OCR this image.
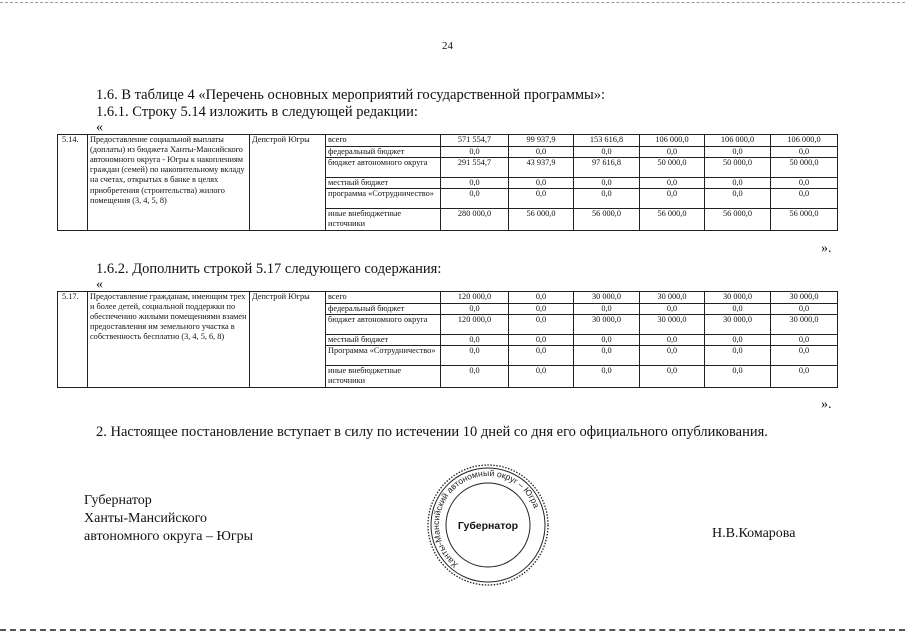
24
1.6. В таблице 4 «Перечень основных мероприятий государственной программы»:
1.6.1. Строку 5.14 изложить в следующей редакции:
«
5.14.	Предоставление социальной выплаты (доплаты) из бюджета Ханты-Мансийского автономного округа - Югры к накоплениям граждан (семей) по накопительному вкладу на счетах, открытых в банке в целях приобретения (строительства) жилого помещения (3, 4, 5, 8)	Депстрой Югры	всего	571 554,7	99 937,9	153 616,8	106 000,0	106 000,0	106 000,0
			федеральный бюджет	0,0	0,0	0,0	0,0	0,0	0,0
			бюджет автономного округа	291 554,7	43 937,9	97 616,8	50 000,0	50 000,0	50 000,0
			местный бюджет	0,0	0,0	0,0	0,0	0,0	0,0
			программа «Сотрудничество»	0,0	0,0	0,0	0,0	0,0	0,0
			иные внебюджетные источники	280 000,0	56 000,0	56 000,0	56 000,0	56 000,0	56 000,0
».
1.6.2. Дополнить строкой 5.17 следующего содержания:
«
5.17.	Предоставление гражданам, имеющим трех и более детей, социальной поддержки по обеспечению жилыми помещениями взамен предоставления им земельного участка в собственность бесплатно (3, 4, 5, 6, 8)	Депстрой Югры	всего	120 000,0	0,0	30 000,0	30 000,0	30 000,0	30 000,0
			федеральный бюджет	0,0	0,0	0,0	0,0	0,0	0,0
			бюджет автономного округа	120 000,0	0,0	30 000,0	30 000,0	30 000,0	30 000,0
			местный бюджет	0,0	0,0	0,0	0,0	0,0	0,0
			Программа «Сотрудничество»	0,0	0,0	0,0	0,0	0,0	0,0
			иные внебюджетные источники	0,0	0,0	0,0	0,0	0,0	0,0
».
2. Настоящее постановление вступает в силу по истечении 10 дней со дня его официального опубликования.
Губернатор
Ханты-Мансийского
автономного округа – Югры
Ханты-Мансийский автономный округ – Югра
Губернатор	Н.В.Комарова
